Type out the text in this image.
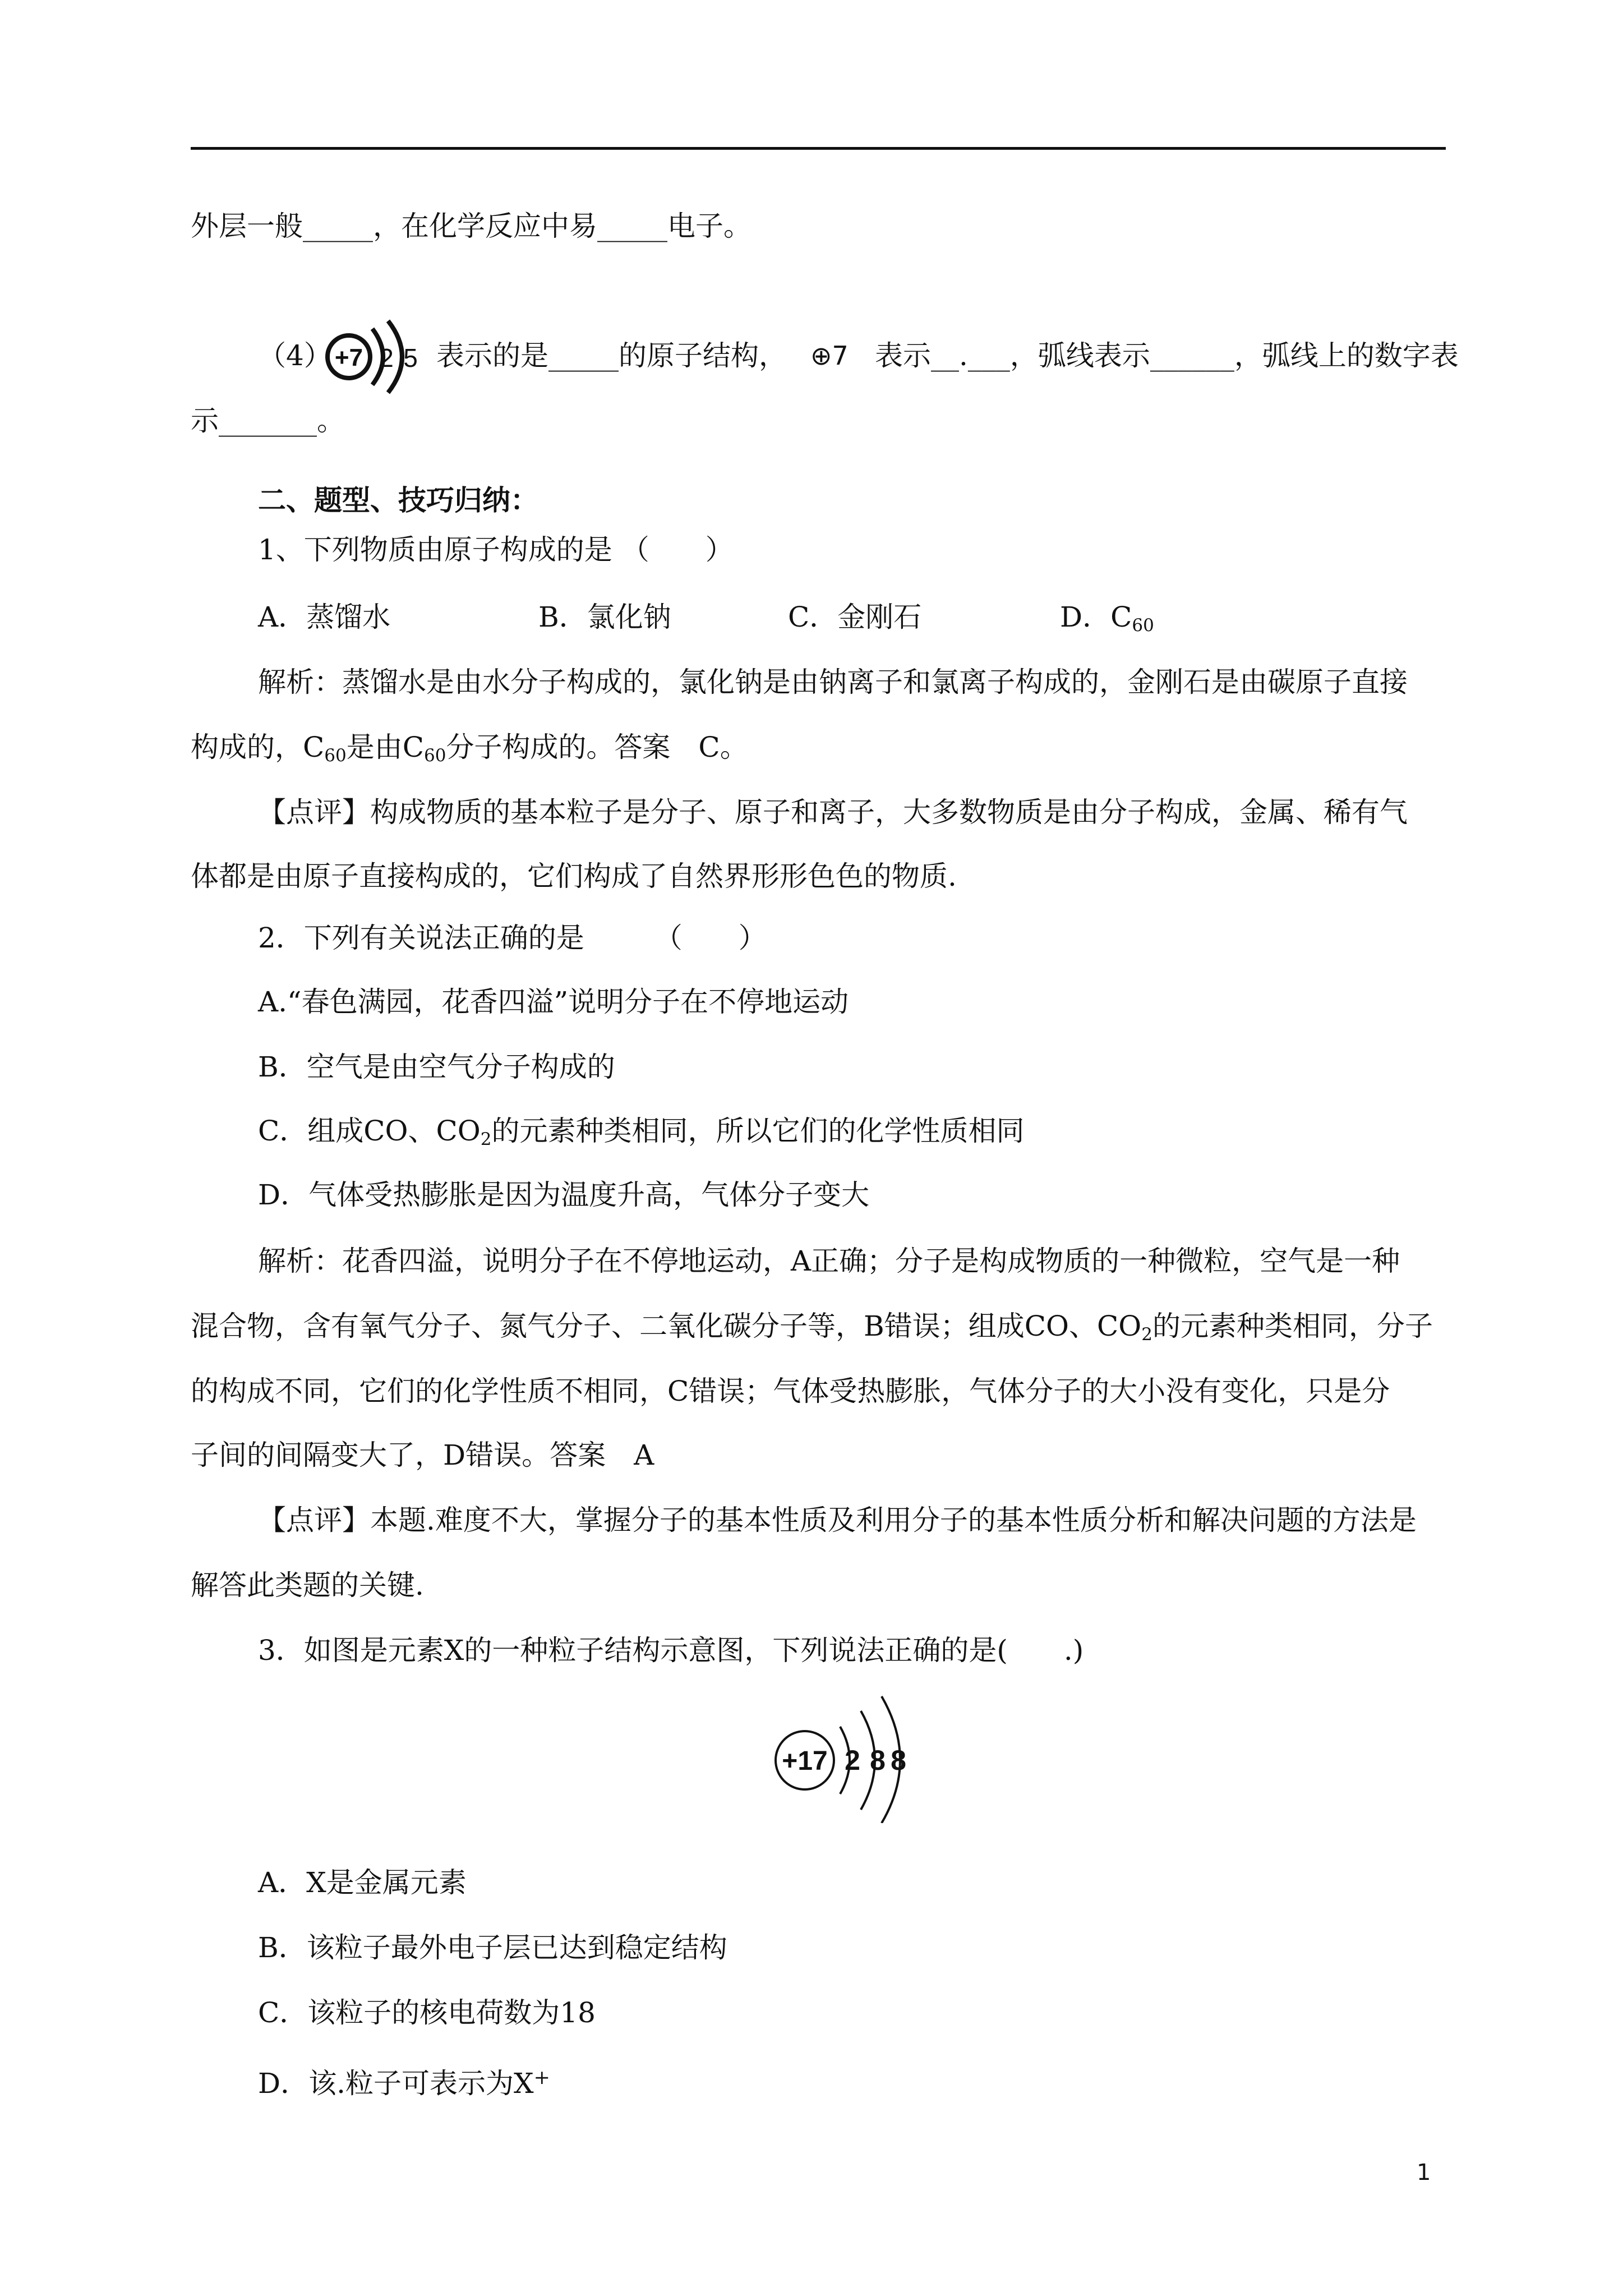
外层一般_____，在化学反应中易_____电子。
（4） +7 2 5 表示的是_____的原子结构， ⊕7 表示__.___，弧线表示______，弧线上的数字表
示_______。
二、题型、技巧归纳：
1、下列物质由原子构成的是 （　　）
A．蒸馏水	B．氯化钠	C．金刚石	D．$C_{60}$
解析：蒸馏水是由水分子构成的，氯化钠是由钠离子和氯离子构成的，金刚石是由碳原子直接
构成的，$C_{60}$是由$C_{60}$分子构成的。答案　C。
【点评】构成物质的基本粒子是分子、原子和离子，大多数物质是由分子构成，金属、稀有气
体都是由原子直接构成的，它们构成了自然界形形色色的物质.
2．下列有关说法正确的是　　　（　　）
A.“春色满园，花香四溢”说明分子在不停地运动
B．空气是由空气分子构成的
C．组成CO、$CO_2$的元素种类相同，所以它们的化学性质相同
D．气体受热膨胀是因为温度升高，气体分子变大
解析：花香四溢，说明分子在不停地运动，A正确；分子是构成物质的一种微粒，空气是一种
混合物，含有氧气分子、氮气分子、二氧化碳分子等，B错误；组成CO、$CO_2$的元素种类相同，分子
的构成不同，它们的化学性质不相同，C错误；气体受热膨胀，气体分子的大小没有变化，只是分
子间的间隔变大了，D错误。答案　A
【点评】本题.难度不大，掌握分子的基本性质及利用分子的基本性质分析和解决问题的方法是
解答此类题的关键.
3．如图是元素X的一种粒子结构示意图，下列说法正确的是(　　.)
+17 2 8 8
A．X是金属元素
B．该粒子最外电子层已达到稳定结构
C．该粒子的核电荷数为18
D．该.粒子可表示为X+
1
